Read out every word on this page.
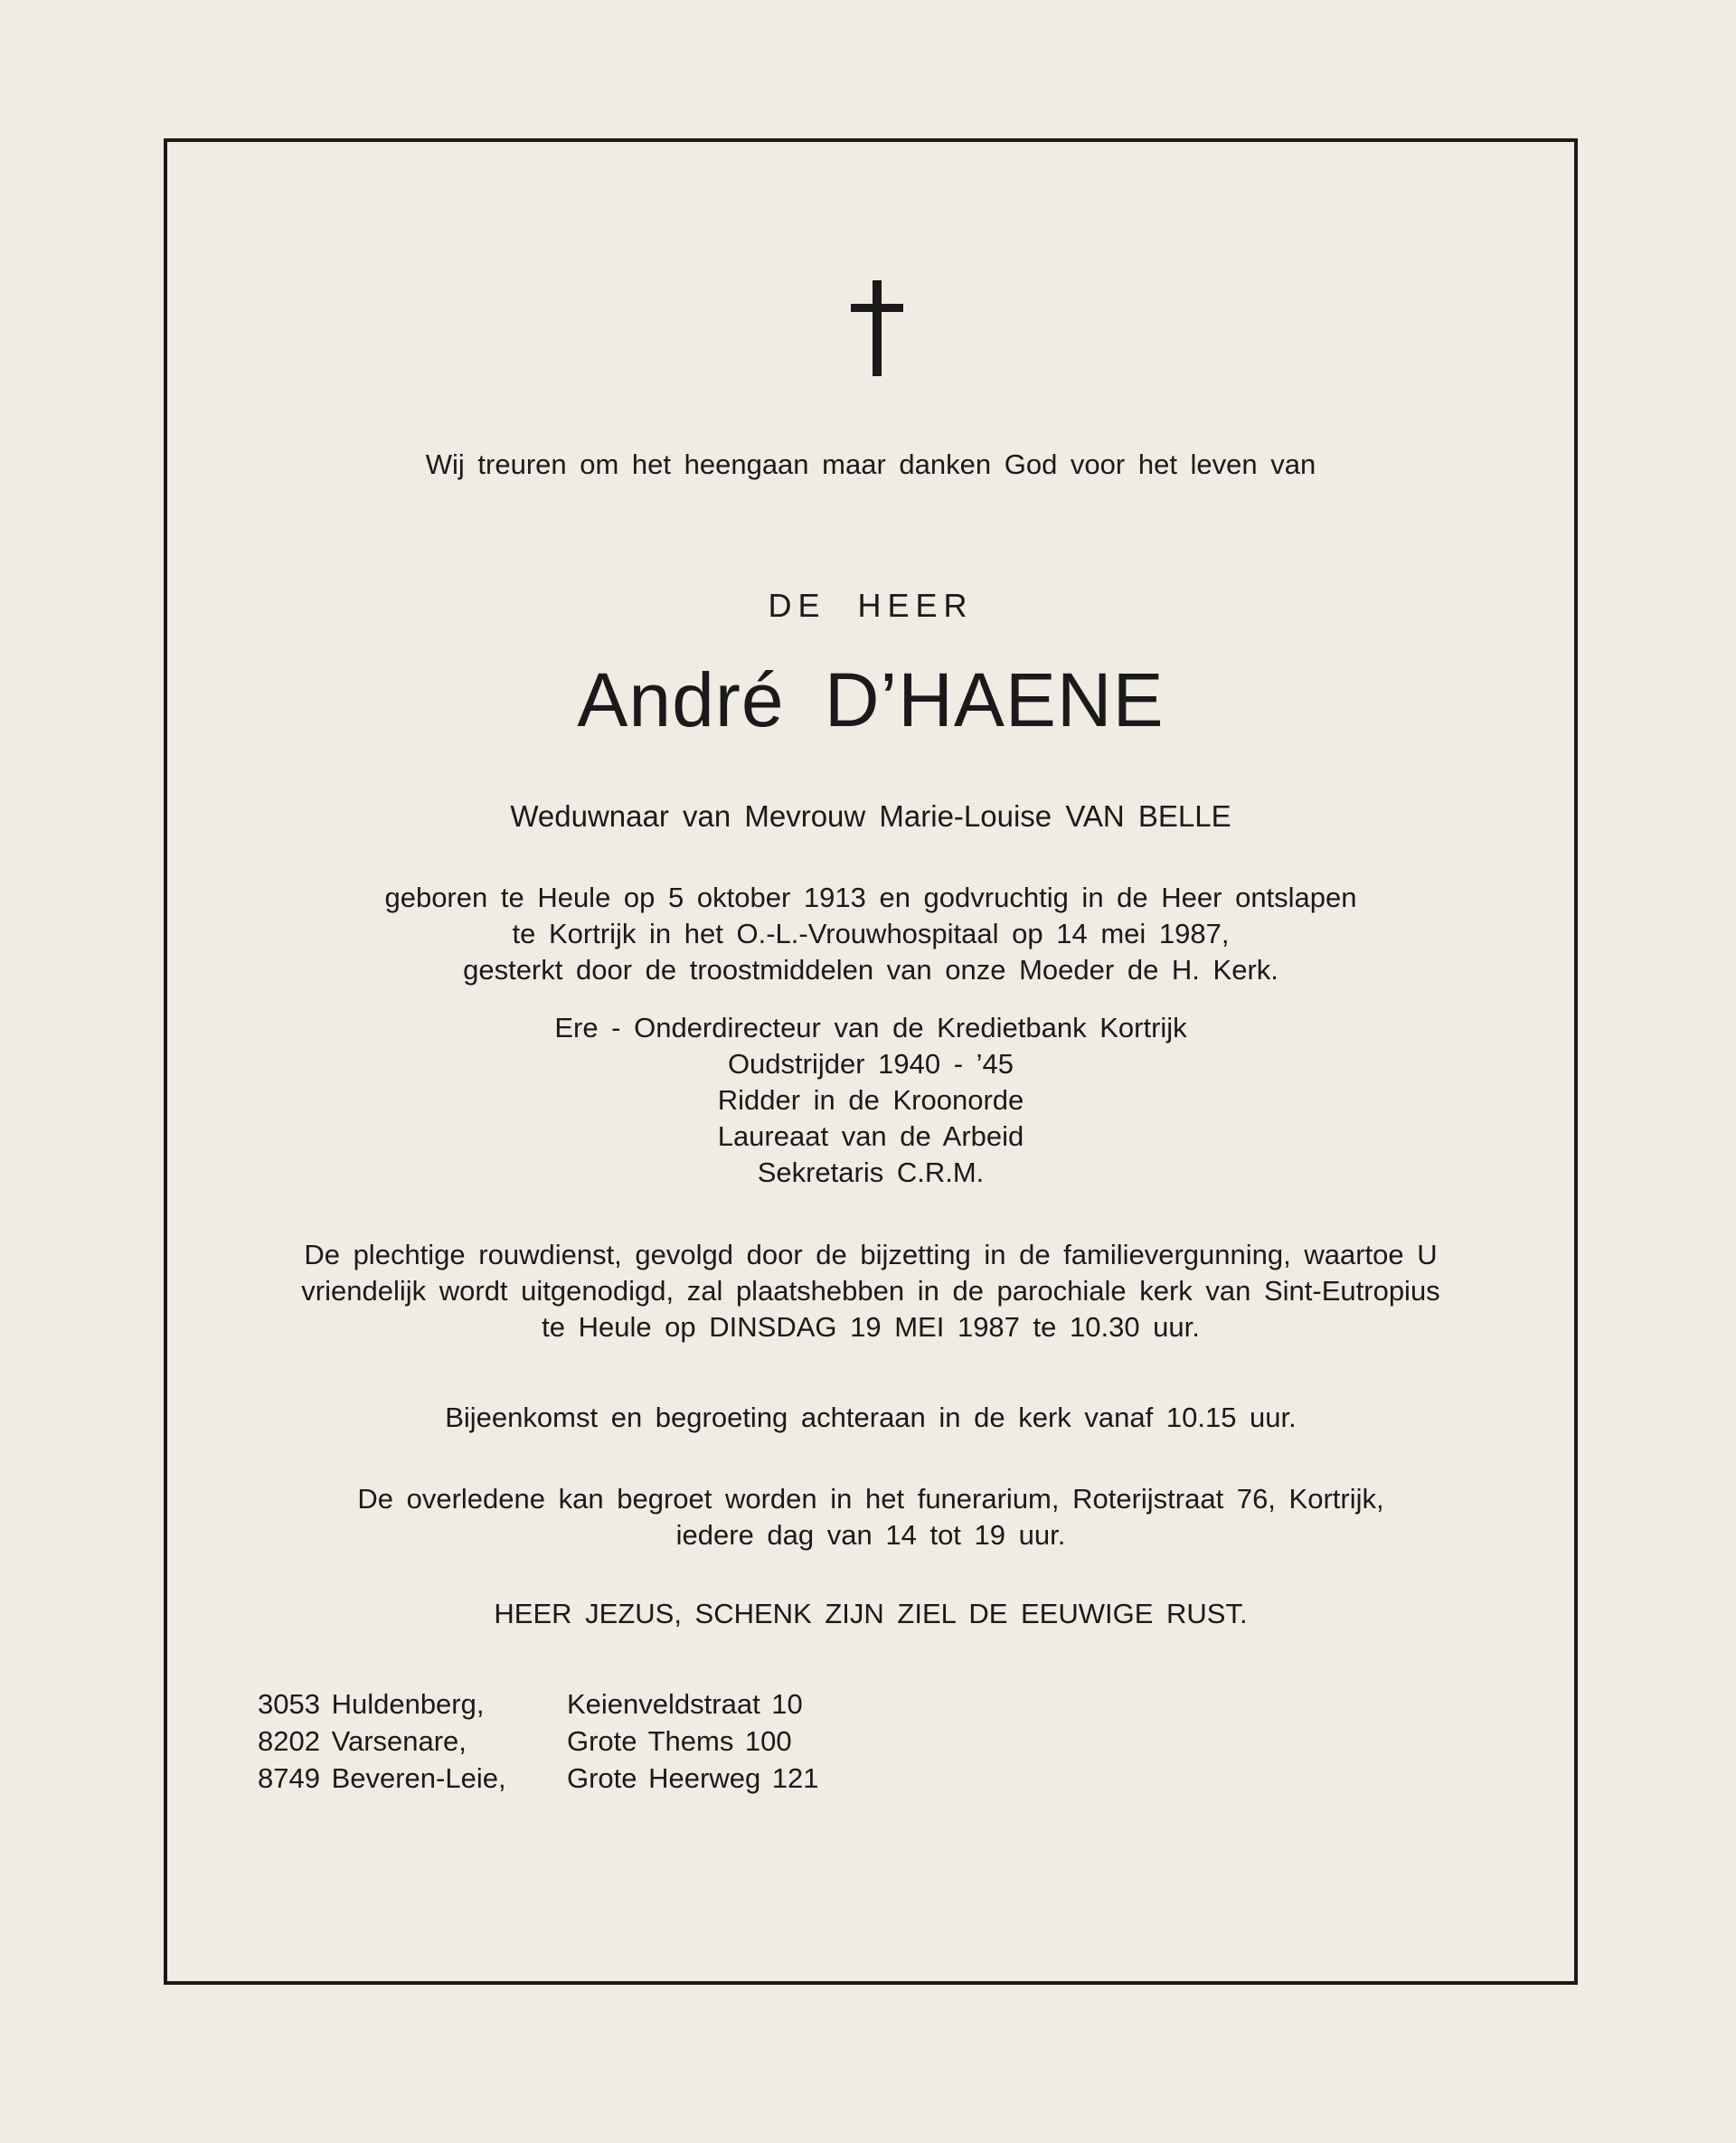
Wij treuren om het heengaan maar danken God voor het leven van
DE HEER
André D’HAENE
Weduwnaar van Mevrouw Marie-Louise VAN BELLE
geboren te Heule op 5 oktober 1913 en godvruchtig in de Heer ontslapen
te Kortrijk in het O.-L.-Vrouwhospitaal op 14 mei 1987,
gesterkt door de troostmiddelen van onze Moeder de H. Kerk.
Ere - Onderdirecteur van de Kredietbank Kortrijk
Oudstrijder 1940 - ’45
Ridder in de Kroonorde
Laureaat van de Arbeid
Sekretaris C.R.M.
De plechtige rouwdienst, gevolgd door de bijzetting in de familievergunning, waartoe U
vriendelijk wordt uitgenodigd, zal plaatshebben in de parochiale kerk van Sint-Eutropius
te Heule op DINSDAG 19 MEI 1987 te 10.30 uur.
Bijeenkomst en begroeting achteraan in de kerk vanaf 10.15 uur.
De overledene kan begroet worden in het funerarium, Roterijstraat 76, Kortrijk,
iedere dag van 14 tot 19 uur.
HEER JEZUS, SCHENK ZIJN ZIEL DE EEUWIGE RUST.
3053 Huldenberg,	Keienveldstraat 10
8202 Varsenare,	Grote Thems 100
8749 Beveren-Leie,	Grote Heerweg 121
